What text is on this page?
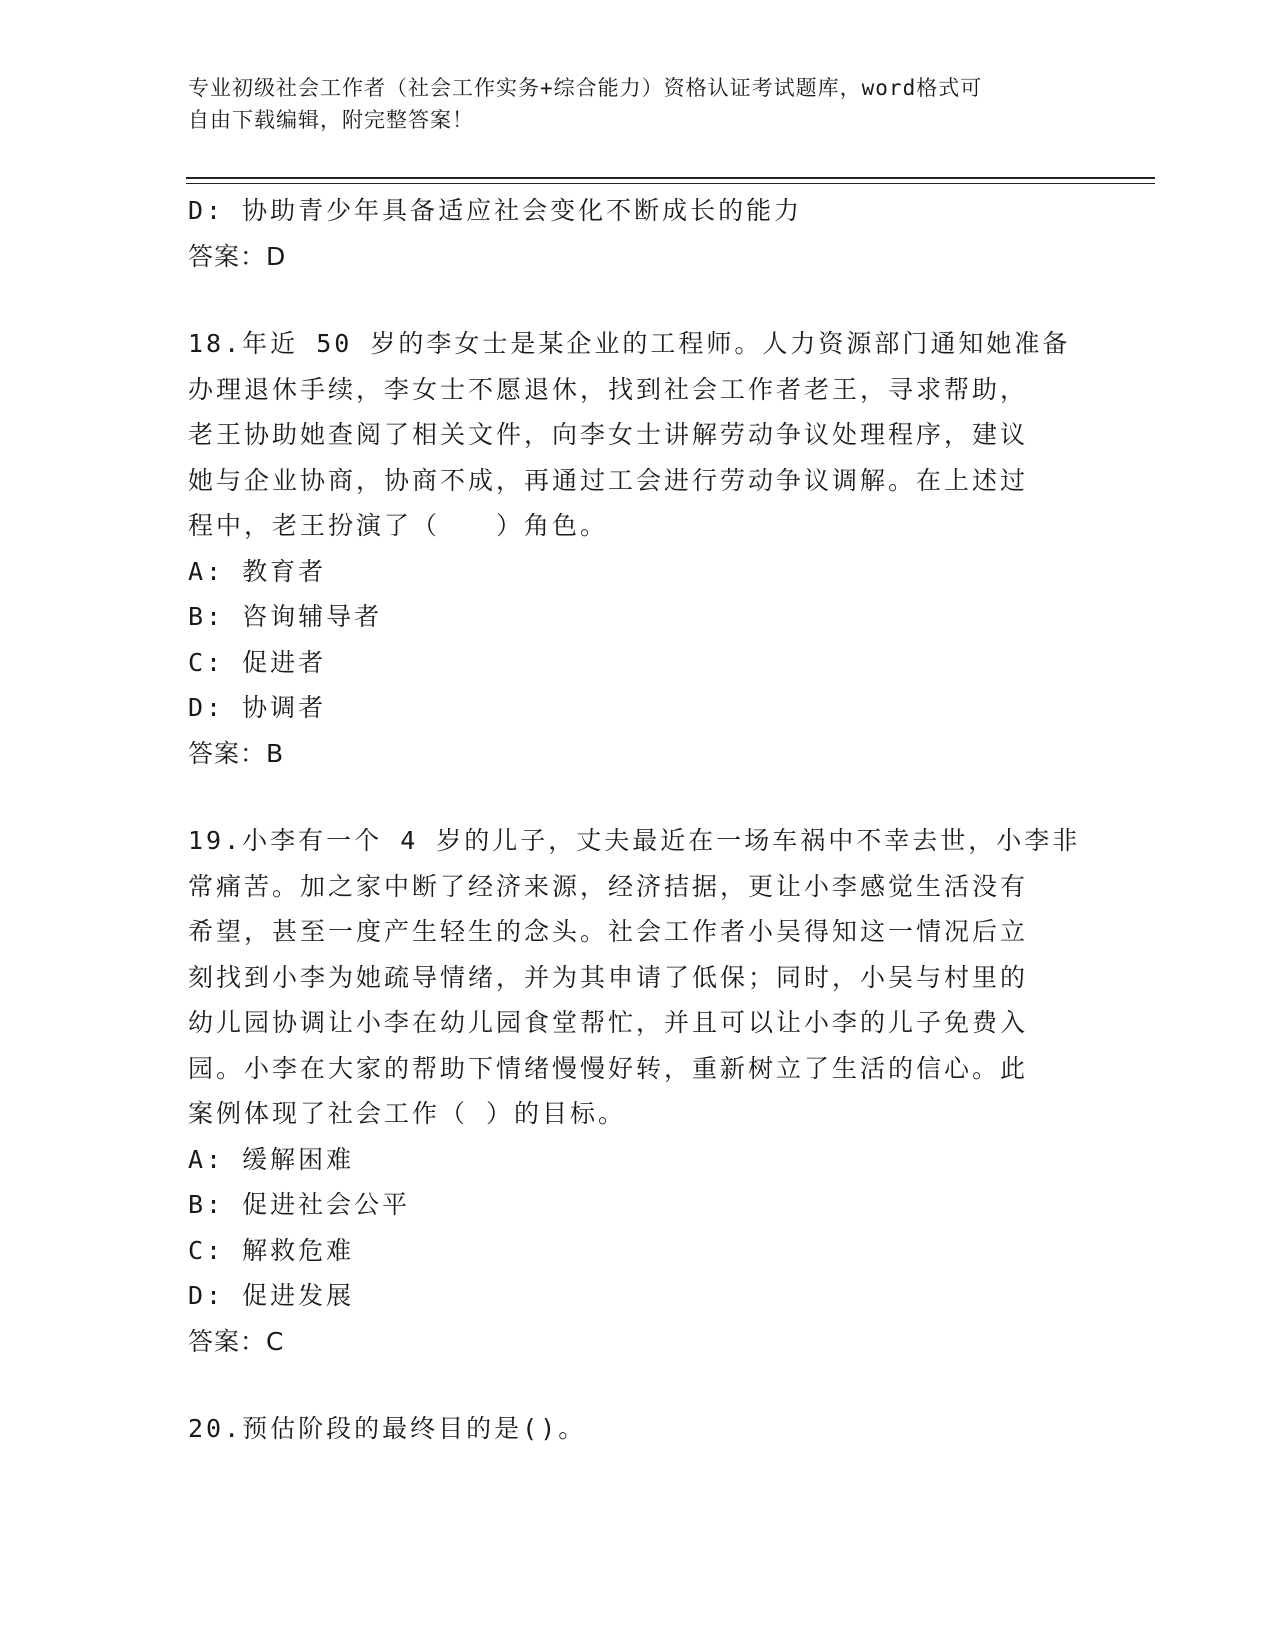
专业初级社会工作者（社会工作实务+综合能力）资格认证考试题库，word格式可
自由下载编辑，附完整答案！
D: 协助青少年具备适应社会变化不断成长的能力
答案：D
18.年近 50 岁的李女士是某企业的工程师。人力资源部门通知她准备
办理退休手续，李女士不愿退休，找到社会工作者老王，寻求帮助，
老王协助她查阅了相关文件，向李女士讲解劳动争议处理程序，建议
她与企业协商，协商不成，再通过工会进行劳动争议调解。在上述过
程中，老王扮演了（　　）角色。
A: 教育者
B: 咨询辅导者
C: 促进者
D: 协调者
答案：B
19.小李有一个 4 岁的儿子，丈夫最近在一场车祸中不幸去世，小李非
常痛苦。加之家中断了经济来源，经济拮据，更让小李感觉生活没有
希望，甚至一度产生轻生的念头。社会工作者小吴得知这一情况后立
刻找到小李为她疏导情绪，并为其申请了低保；同时，小吴与村里的
幼儿园协调让小李在幼儿园食堂帮忙，并且可以让小李的儿子免费入
园。小李在大家的帮助下情绪慢慢好转，重新树立了生活的信心。此
案例体现了社会工作（ ）的目标。
A: 缓解困难
B: 促进社会公平
C: 解救危难
D: 促进发展
答案：C
20.预估阶段的最终目的是()。
